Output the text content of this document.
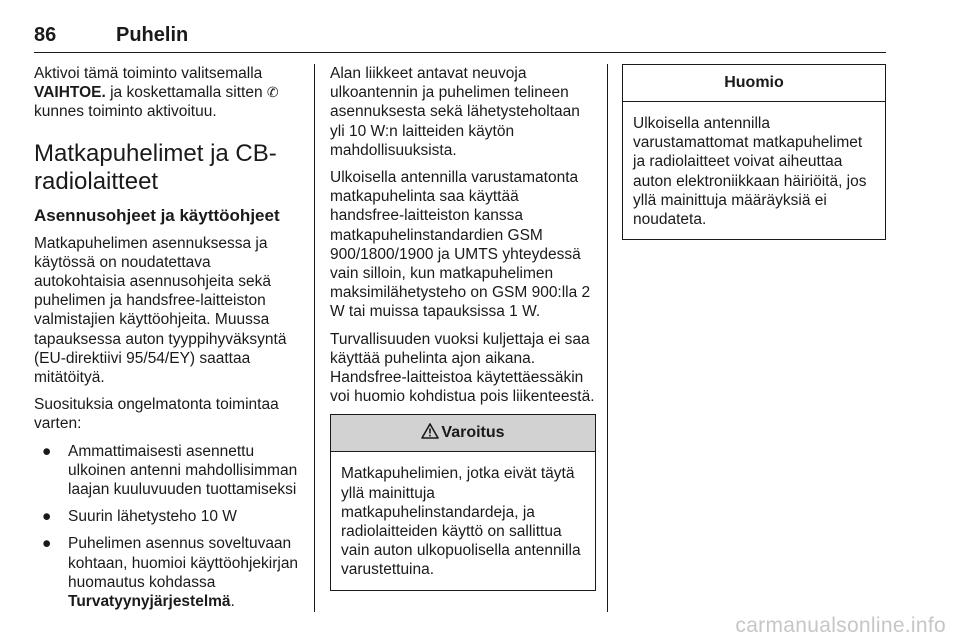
86	Puhelin

Aktivoi tämä toiminto valitsemalla VAIHTOE. ja koskettamalla sitten ✆ kunnes toiminto aktivoituu.

Matkapuhelimet ja CB-radiolaitteet
Asennusohjeet ja käyttöohjeet

Matkapuhelimen asennuksessa ja käytössä on noudatettava autokohtaisia asennusohjeita sekä puhelimen ja handsfree-laitteiston valmistajien käyttöohjeita. Muussa tapauksessa auton tyyppihyväksyntä (EU-direktiivi 95/54/EY) saattaa mitätöityä.

Suosituksia ongelmatonta toimintaa varten:

● Ammattimaisesti asennettu ulkoinen antenni mahdollisimman laajan kuuluvuuden tuottamiseksi
● Suurin lähetysteho 10 W
● Puhelimen asennus soveltuvaan kohtaan, huomioi käyttöohjekirjan huomautus kohdassa Turvatyynyjärjestelmä.

Alan liikkeet antavat neuvoja ulkoantennin ja puhelimen telineen asennuksesta sekä lähetysteholtaan yli 10 W:n laitteiden käytön mahdollisuuksista.

Ulkoisella antennilla varustamatonta matkapuhelinta saa käyttää handsfree-laitteiston kanssa matkapuhelinstandardien GSM 900/1800/1900 ja UMTS yhteydessä vain silloin, kun matkapuhelimen maksimilähetysteho on GSM 900:lla 2 W tai muissa tapauksissa 1 W.

Turvallisuuden vuoksi kuljettaja ei saa käyttää puhelinta ajon aikana. Handsfree-laitteistoa käytettäessäkin voi huomio kohdistua pois liikenteestä.

Varoitus
Matkapuhelimien, jotka eivät täytä yllä mainittuja matkapuhelinstandardeja, ja radiolaitteiden käyttö on sallittua vain auton ulkopuolisella antennilla varustettuina.
Huomio
Ulkoisella antennilla varustamattomat matkapuhelimet ja radiolaitteet voivat aiheuttaa auton elektroniikkaan häiriöitä, jos yllä mainittuja määräyksiä ei noudateta.
carmanualsonline.info
